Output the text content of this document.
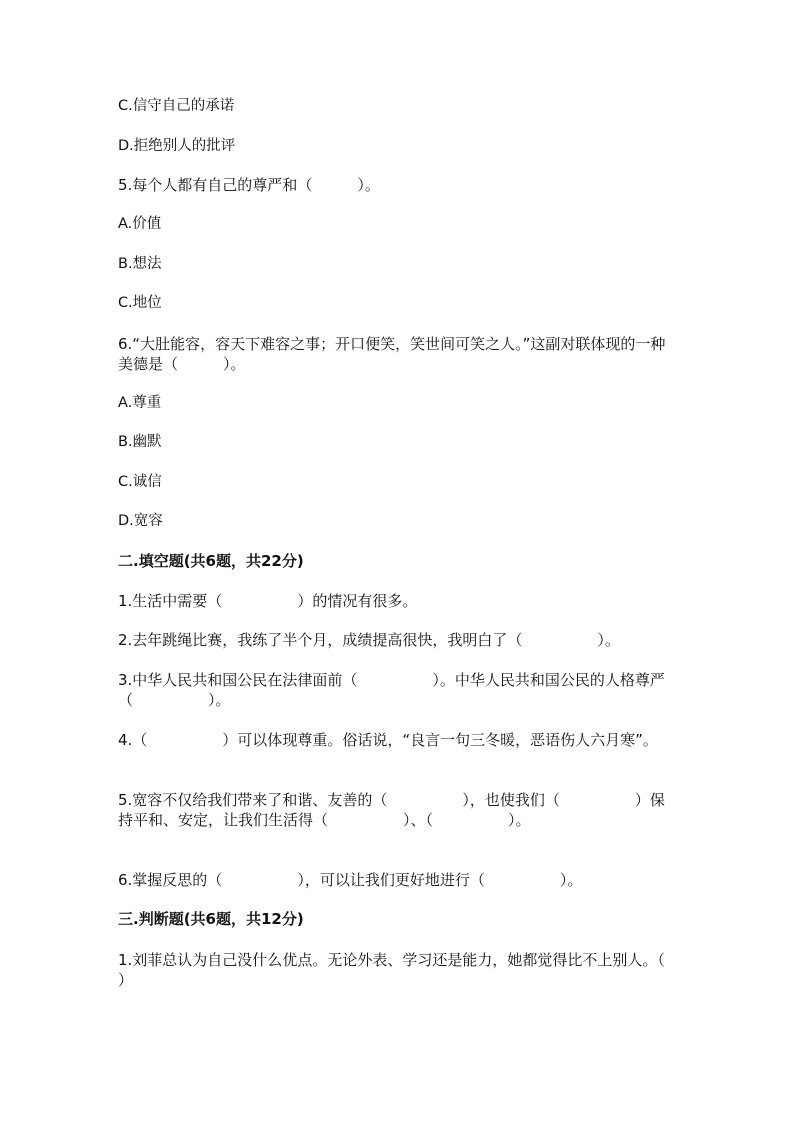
C.信守自己的承诺
D.拒绝别人的批评
5.每个人都有自己的尊严和（　　　）。
A.价值
B.想法
C.地位
6.“大肚能容，容天下难容之事；开口便笑，笑世间可笑之人。”这副对联体现的一种美德是（　　　）。
A.尊重
B.幽默
C.诚信
D.宽容
二.填空题(共6题，共22分)
1.生活中需要（　　　　　）的情况有很多。
2.去年跳绳比赛，我练了半个月，成绩提高很快，我明白了（　　　　　）。
3.中华人民共和国公民在法律面前（　　　　　）。中华人民共和国公民的人格尊严（　　　　　）。
4.（　　　　　）可以体现尊重。俗话说，“良言一句三冬暖，恶语伤人六月寒”。
5.宽容不仅给我们带来了和谐、友善的（　　　　　），也使我们（　　　　　）保持平和、安定，让我们生活得（　　　　　）、（　　　　　）。
6.掌握反思的（　　　　　），可以让我们更好地进行（　　　　　）。
三.判断题(共6题，共12分)
1.刘菲总认为自己没什么优点。无论外表、学习还是能力，她都觉得比不上别人。（　　）
